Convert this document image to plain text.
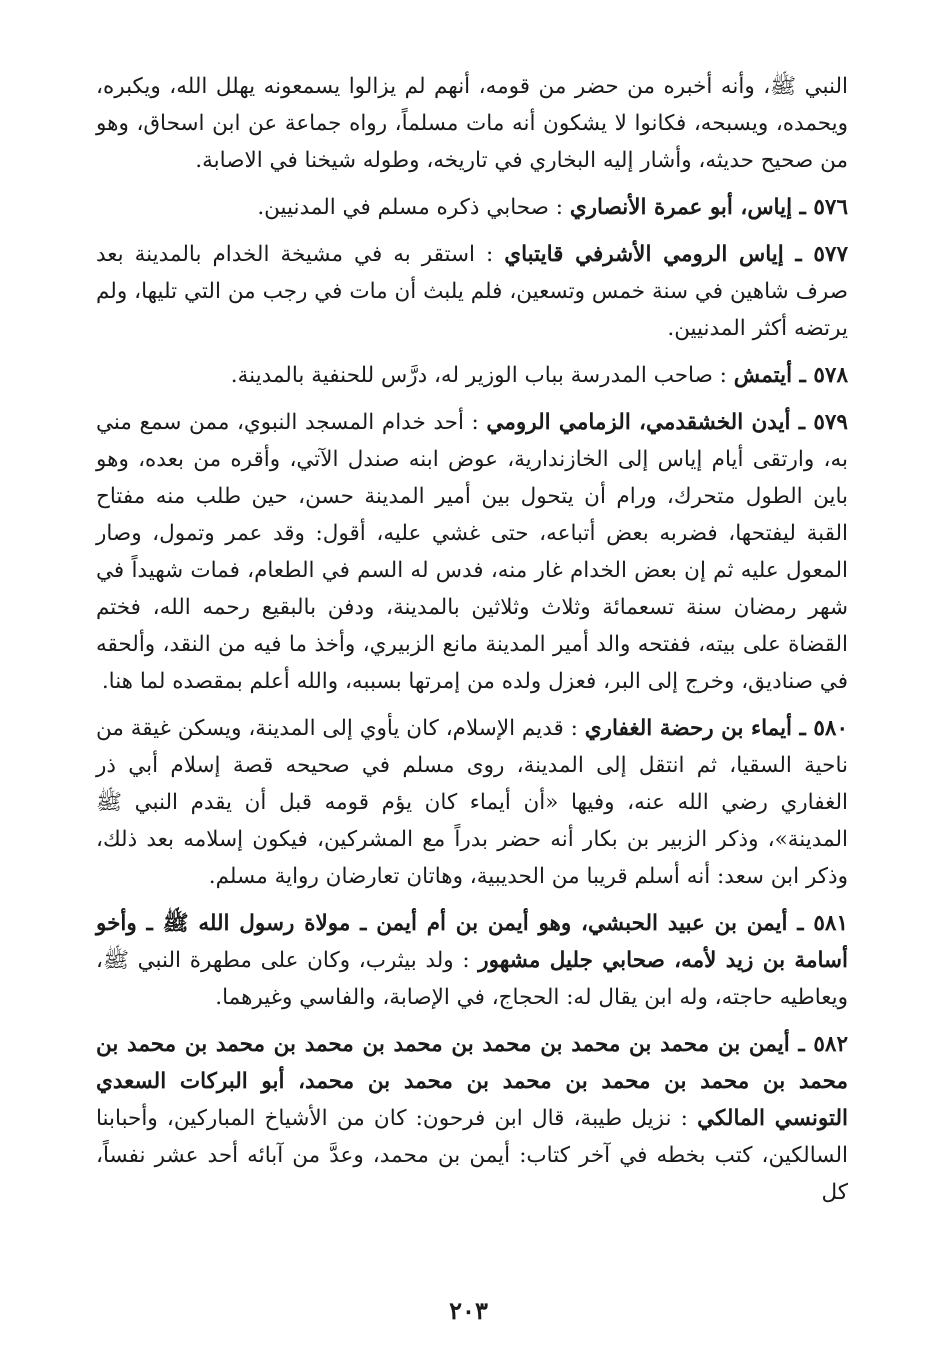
النبي ﷺ، وأنه أخبره من حضر من قومه، أنهم لم يزالوا يسمعونه يهلل الله، ويكبره، ويحمده، ويسبحه، فكانوا لا يشكون أنه مات مسلماً، رواه جماعة عن ابن اسحاق، وهو من صحيح حديثه، وأشار إليه البخاري في تاريخه، وطوله شيخنا في الاصابة.

٥٧٦ ـ إياس، أبو عمرة الأنصاري : صحابي ذكره مسلم في المدنيين.

٥٧٧ ـ إياس الرومي الأشرفي قايتباي : استقر به في مشيخة الخدام بالمدينة بعد صرف شاهين في سنة خمس وتسعين، فلم يلبث أن مات في رجب من التي تليها، ولم يرتضه أكثر المدنيين.

٥٧٨ ـ أيتمش : صاحب المدرسة بباب الوزير له، درَّس للحنفية بالمدينة.

٥٧٩ ـ أيدن الخشقدمي، الزمامي الرومي : أحد خدام المسجد النبوي، ممن سمع مني به، وارتقى أيام إياس إلى الخازندارية، عوض ابنه صندل الآتي، وأقره من بعده، وهو باين الطول متحرك، ورام أن يتحول بين أمير المدينة حسن، حين طلب منه مفتاح القبة ليفتحها، فضربه بعض أتباعه، حتى غشي عليه، أقول: وقد عمر وتمول، وصار المعول عليه ثم إن بعض الخدام غار منه، فدس له السم في الطعام، فمات شهيداً في شهر رمضان سنة تسعمائة وثلاث وثلاثين بالمدينة، ودفن بالبقيع رحمه الله، فختم القضاة على بيته، ففتحه والد أمير المدينة مانع الزبيري، وأخذ ما فيه من النقد، وألحقه في صناديق، وخرج إلى البر، فعزل ولده من إمرتها بسببه، والله أعلم بمقصده لما هنا.

٥٨٠ ـ أيماء بن رحضة الغفاري : قديم الإسلام، كان يأوي إلى المدينة، ويسكن غيقة من ناحية السقيا، ثم انتقل إلى المدينة، روى مسلم في صحيحه قصة إسلام أبي ذر الغفاري رضي الله عنه، وفيها «أن أيماء كان يؤم قومه قبل أن يقدم النبي ﷺ المدينة»، وذكر الزبير بن بكار أنه حضر بدراً مع المشركين، فيكون إسلامه بعد ذلك، وذكر ابن سعد: أنه أسلم قريبا من الحديبية، وهاتان تعارضان رواية مسلم.

٥٨١ ـ أيمن بن عبيد الحبشي، وهو أيمن بن أم أيمن ـ مولاة رسول الله ﷺ ـ وأخو أسامة بن زيد لأمه، صحابي جليل مشهور : ولد بيثرب، وكان على مطهرة النبي ﷺ، ويعاطيه حاجته، وله ابن يقال له: الحجاج، في الإصابة، والفاسي وغيرهما.

٥٨٢ ـ أيمن بن محمد بن محمد بن محمد بن محمد بن محمد بن محمد بن محمد بن محمد بن محمد بن محمد بن محمد بن محمد بن محمد، أبو البركات السعدي التونسي المالكي : نزيل طيبة، قال ابن فرحون: كان من الأشياخ المباركين، وأحبابنا السالكين، كتب بخطه في آخر كتاب: أيمن بن محمد، وعدَّ من آبائه أحد عشر نفساً، كل

٢٠٣
